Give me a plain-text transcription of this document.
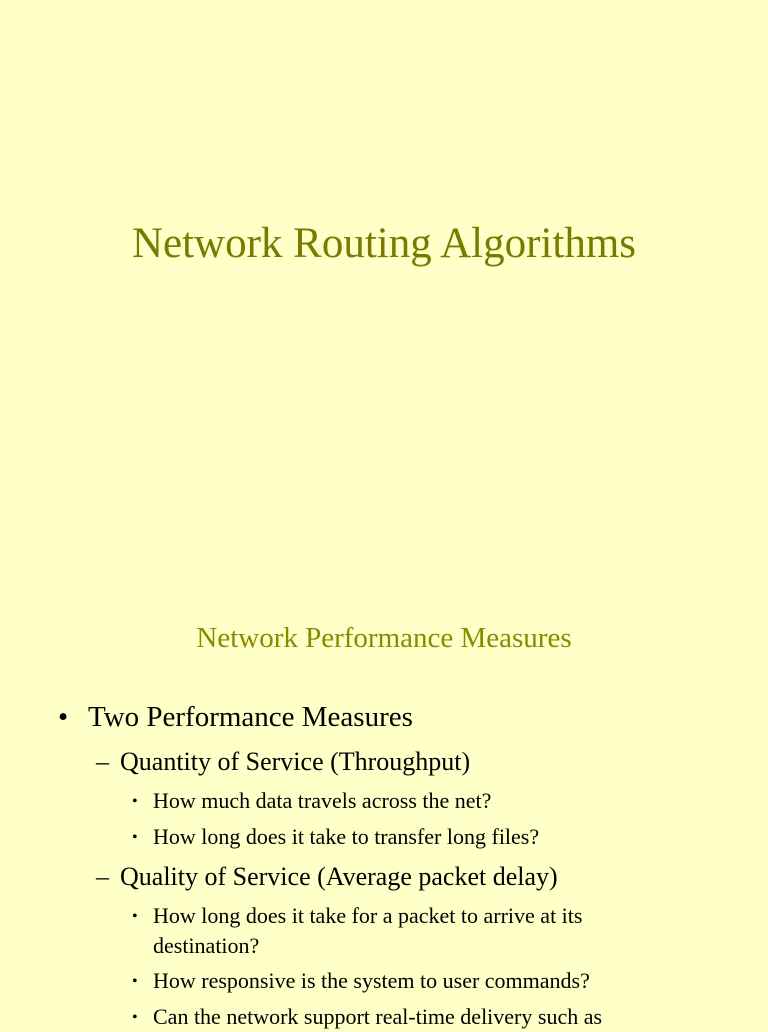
Network Routing Algorithms
Network Performance Measures
• Two Performance Measures
– Quantity of Service (Throughput)
• How much data travels across the net?
• How long does it take to transfer long files?
– Quality of Service (Average packet delay)
• How long does it take for a packet to arrive at its
destination?
• How responsive is the system to user commands?
• Can the network support real-time delivery such as
